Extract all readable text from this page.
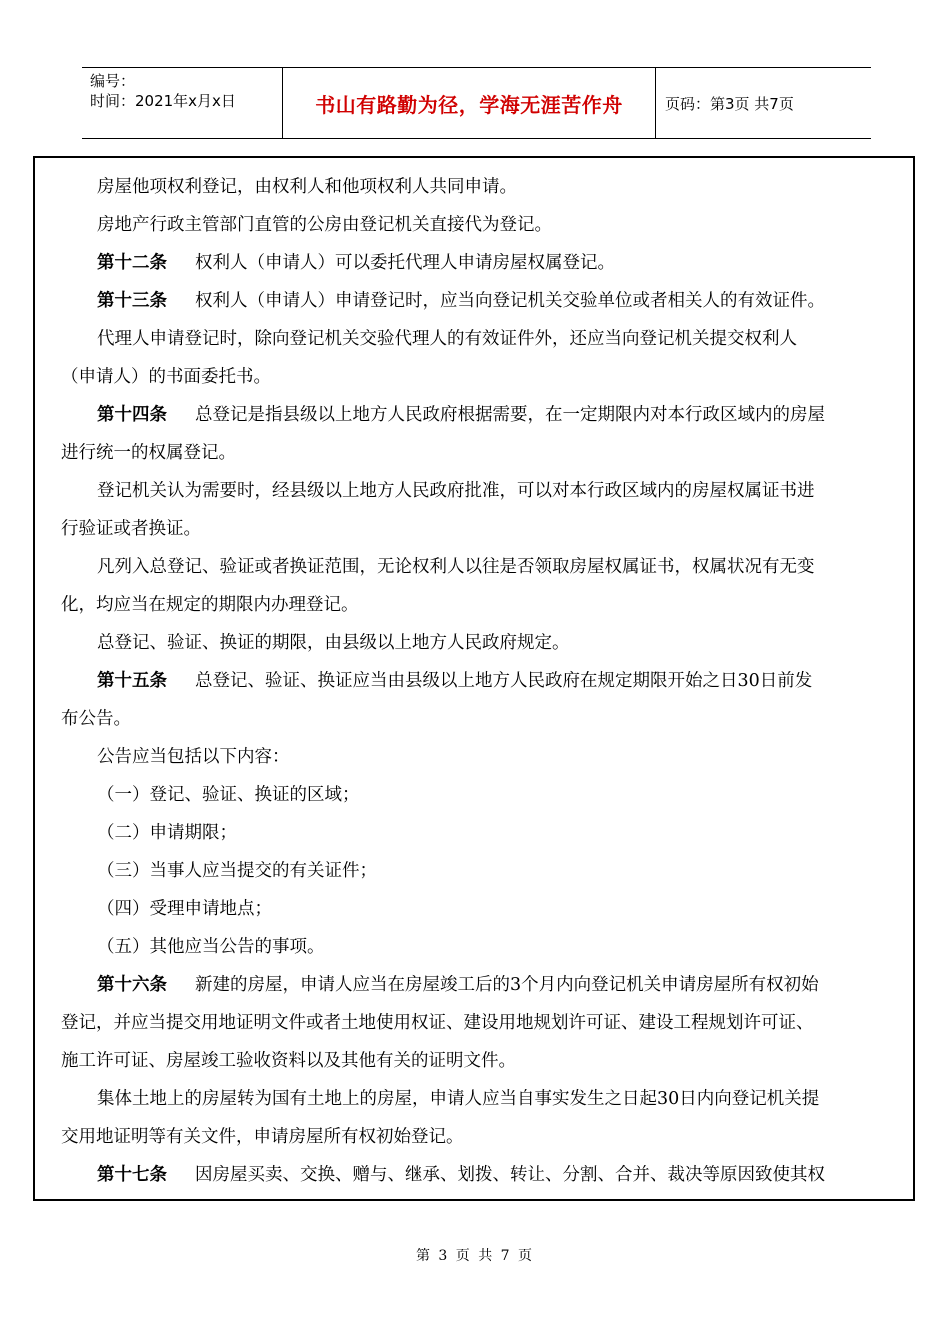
编号：
时间：2021年x月x日	书山有路勤为径，学海无涯苦作舟	页码：第3页 共7页
房屋他项权利登记，由权利人和他项权利人共同申请。
房地产行政主管部门直管的公房由登记机关直接代为登记。
第十二条 权利人（申请人）可以委托代理人申请房屋权属登记。
第十三条 权利人（申请人）申请登记时，应当向登记机关交验单位或者相关人的有效证件。
代理人申请登记时，除向登记机关交验代理人的有效证件外，还应当向登记机关提交权利人
（申请人）的书面委托书。
第十四条 总登记是指县级以上地方人民政府根据需要，在一定期限内对本行政区域内的房屋
进行统一的权属登记。
登记机关认为需要时，经县级以上地方人民政府批准，可以对本行政区域内的房屋权属证书进
行验证或者换证。
凡列入总登记、验证或者换证范围，无论权利人以往是否领取房屋权属证书，权属状况有无变
化，均应当在规定的期限内办理登记。
总登记、验证、换证的期限，由县级以上地方人民政府规定。
第十五条 总登记、验证、换证应当由县级以上地方人民政府在规定期限开始之日30日前发
布公告。
公告应当包括以下内容：
（一）登记、验证、换证的区域；
（二）申请期限；
（三）当事人应当提交的有关证件；
（四）受理申请地点；
（五）其他应当公告的事项。
第十六条 新建的房屋，申请人应当在房屋竣工后的3个月内向登记机关申请房屋所有权初始
登记，并应当提交用地证明文件或者土地使用权证、建设用地规划许可证、建设工程规划许可证、
施工许可证、房屋竣工验收资料以及其他有关的证明文件。
集体土地上的房屋转为国有土地上的房屋，申请人应当自事实发生之日起30日内向登记机关提
交用地证明等有关文件，申请房屋所有权初始登记。
第十七条 因房屋买卖、交换、赠与、继承、划拨、转让、分割、合并、裁决等原因致使其权
第 3 页 共 7 页
